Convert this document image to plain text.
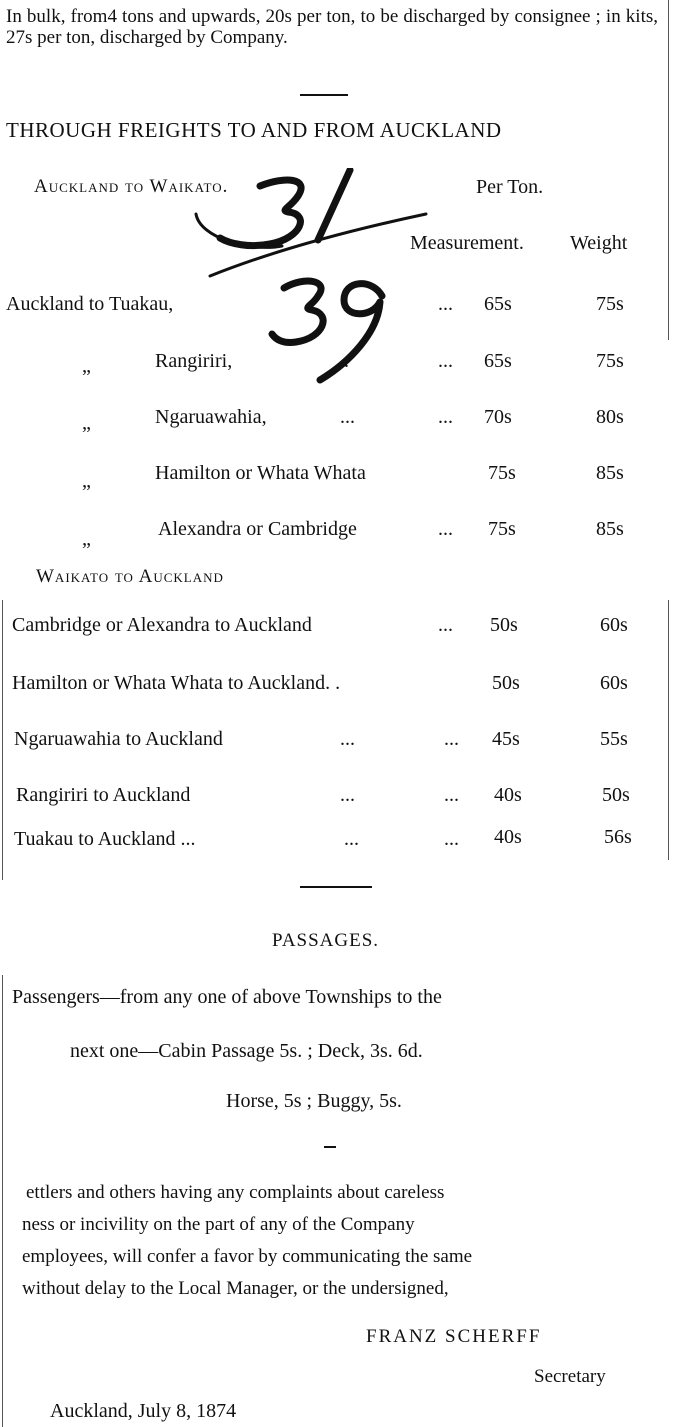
In bulk, from4 tons and upwards, 20s per ton, to be discharged by consignee ; in kits, 27s per ton, discharged by Company.
THROUGH FREIGHTS TO AND FROM AUCKLAND
Auckland to Waikato.	Per Ton.
Measurement. Weight
Auckland to Tuakau,	... 65s	75s
„	Rangiriri,	...	... 65s	75s
„	Ngaruawahia,	...	... 70s	80s
„	Hamilton or Whata Whata	75s	85s
„	Alexandra or Cambridge	... 75s	85s
Waikato to Auckland
Cambridge or Alexandra to Auckland	... 50s	60s
Hamilton or Whata Whata to Auckland. .	50s	60s
Ngaruawahia to Auckland	...	... 45s	55s
Rangiriri to Auckland	...	... 40s	50s
Tuakau to Auckland ...	...	... 40s	56s
PASSAGES.
Passengers—from any one of above Townships to the
next one—Cabin Passage 5s. ; Deck, 3s. 6d.
Horse, 5s ; Buggy, 5s.
ettlers and others having any complaints about careless
ness or incivility on the part of any of the Company
employees, will confer a favor by communicating the same
without delay to the Local Manager, or the undersigned,
FRANZ SCHERFF
Secretary
Auckland, July 8, 1874
